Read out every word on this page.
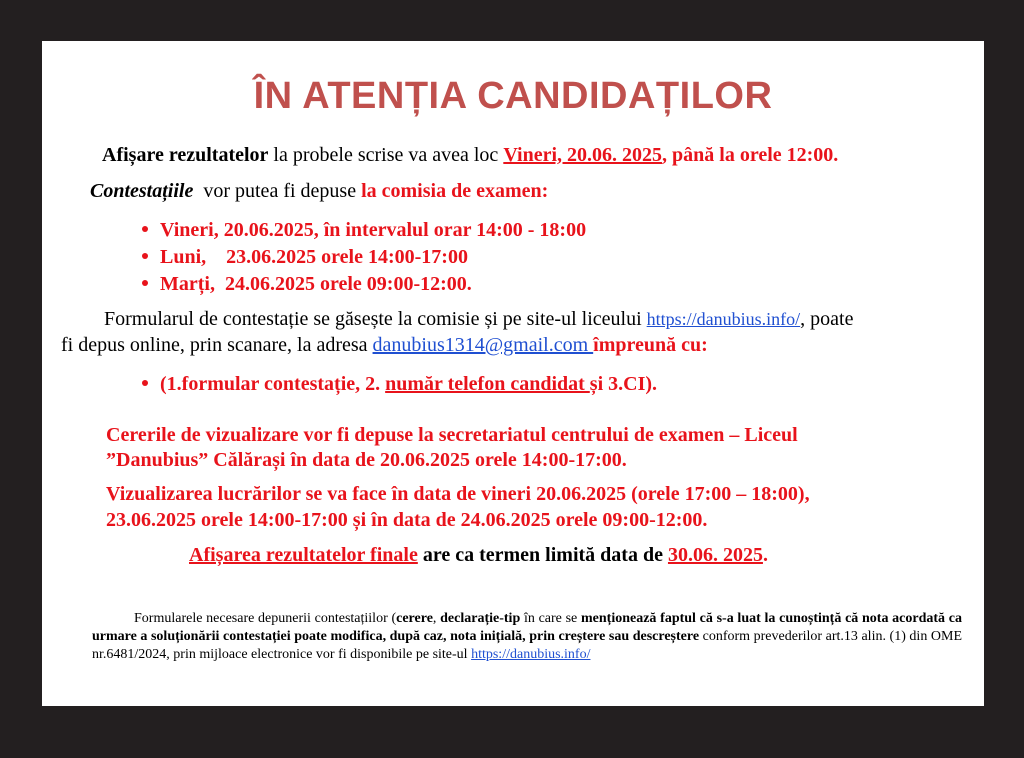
ÎN ATENȚIA CANDIDAȚILOR
Afișare rezultatelor la probele scrise va avea loc Vineri, 20.06. 2025, până la orele 12:00.
Contestațiile  vor putea fi depuse la comisia de examen:
Vineri, 20.06.2025, în intervalul orar 14:00 - 18:00
Luni,    23.06.2025 orele 14:00-17:00
Marți,  24.06.2025 orele 09:00-12:00.
Formularul de contestație se găsește la comisie și pe site-ul liceului https://danubius.info/, poate
fi depus online, prin scanare, la adresa danubius1314@gmail.com împreună cu:
(1.formular contestație, 2. număr telefon candidat și 3.CI).
Cererile de vizualizare vor fi depuse la secretariatul centrului de examen – Liceul
”Danubius” Călărași în data de 20.06.2025 orele 14:00-17:00.
Vizualizarea lucrărilor se va face în data de vineri 20.06.2025 (orele 17:00 – 18:00),
23.06.2025 orele 14:00-17:00 și în data de 24.06.2025 orele 09:00-12:00.
Afișarea rezultatelor finale are ca termen limită data de 30.06. 2025.
Formularele necesare depunerii contestațiilor (cerere, declarație-tip în care se menționează faptul că s-a luat la cunoștință că nota acordată ca urmare a soluționării contestației poate modifica, după caz, nota inițială, prin creștere sau descreștere conform prevederilor art.13 alin. (1) din OME nr.6481/2024, prin mijloace electronice vor fi disponibile pe site-ul https://danubius.info/
